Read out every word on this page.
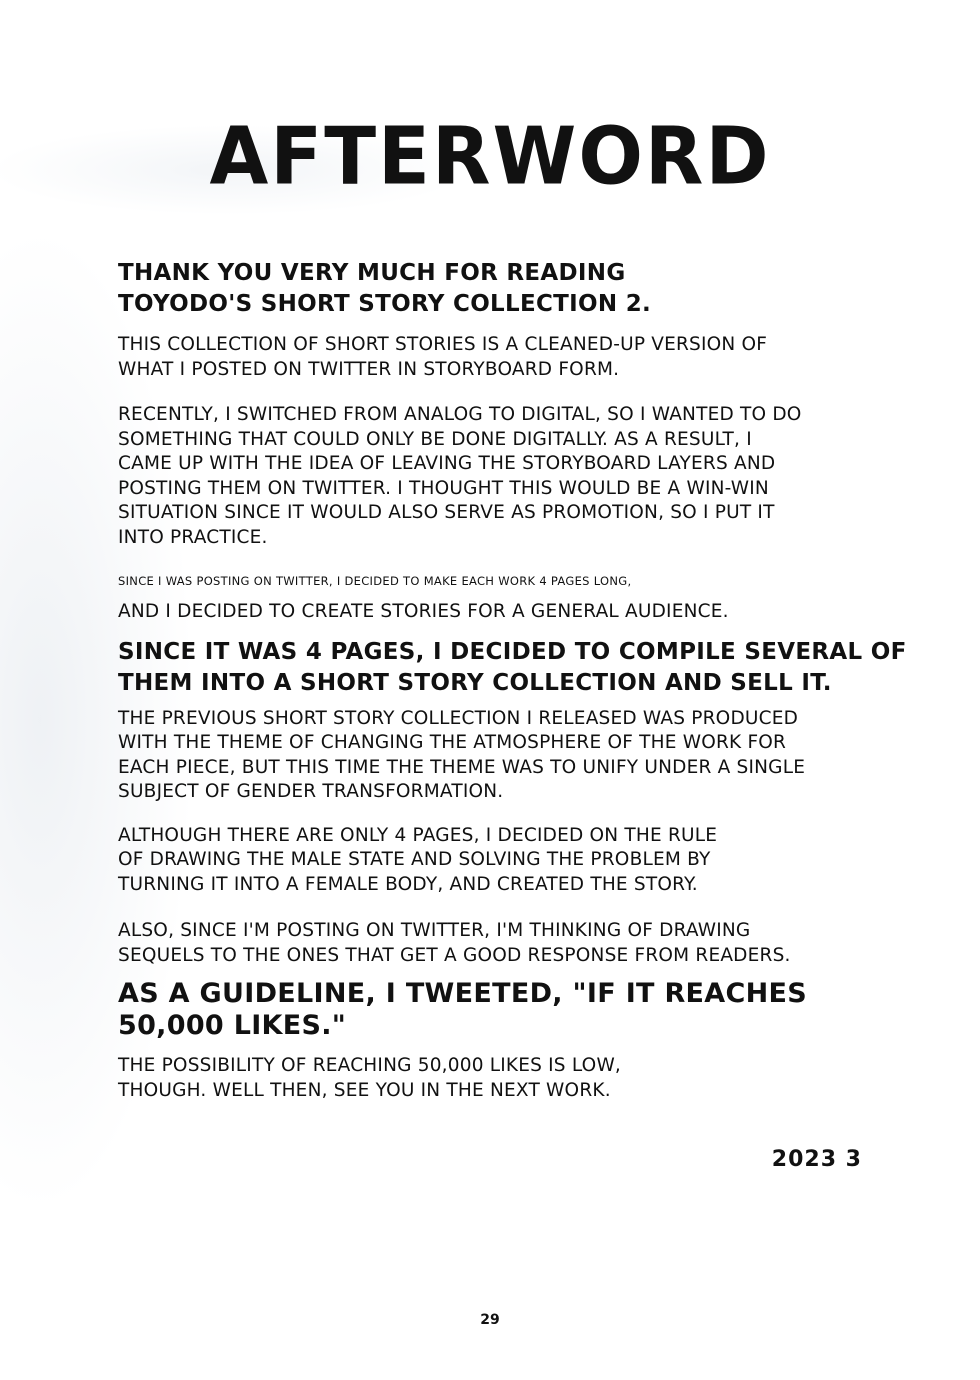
AFTERWORD
THANK YOU VERY MUCH FOR READING
TOYODO'S SHORT STORY COLLECTION 2.
THIS COLLECTION OF SHORT STORIES IS A CLEANED-UP VERSION OF
WHAT I POSTED ON TWITTER IN STORYBOARD FORM.
RECENTLY, I SWITCHED FROM ANALOG TO DIGITAL, SO I WANTED TO DO
SOMETHING THAT COULD ONLY BE DONE DIGITALLY. AS A RESULT, I
CAME UP WITH THE IDEA OF LEAVING THE STORYBOARD LAYERS AND
POSTING THEM ON TWITTER. I THOUGHT THIS WOULD BE A WIN-WIN
SITUATION SINCE IT WOULD ALSO SERVE AS PROMOTION, SO I PUT IT
INTO PRACTICE.
SINCE I WAS POSTING ON TWITTER, I DECIDED TO MAKE EACH WORK 4 PAGES LONG,
AND I DECIDED TO CREATE STORIES FOR A GENERAL AUDIENCE.
SINCE IT WAS 4 PAGES, I DECIDED TO COMPILE SEVERAL OF
THEM INTO A SHORT STORY COLLECTION AND SELL IT.
THE PREVIOUS SHORT STORY COLLECTION I RELEASED WAS PRODUCED
WITH THE THEME OF CHANGING THE ATMOSPHERE OF THE WORK FOR
EACH PIECE, BUT THIS TIME THE THEME WAS TO UNIFY UNDER A SINGLE
SUBJECT OF GENDER TRANSFORMATION.
ALTHOUGH THERE ARE ONLY 4 PAGES, I DECIDED ON THE RULE
OF DRAWING THE MALE STATE AND SOLVING THE PROBLEM BY
TURNING IT INTO A FEMALE BODY, AND CREATED THE STORY.
ALSO, SINCE I'M POSTING ON TWITTER, I'M THINKING OF DRAWING
SEQUELS TO THE ONES THAT GET A GOOD RESPONSE FROM READERS.
AS A GUIDELINE, I TWEETED, "IF IT REACHES
50,000 LIKES."
THE POSSIBILITY OF REACHING 50,000 LIKES IS LOW,
THOUGH. WELL THEN, SEE YOU IN THE NEXT WORK.
2023 3
29
